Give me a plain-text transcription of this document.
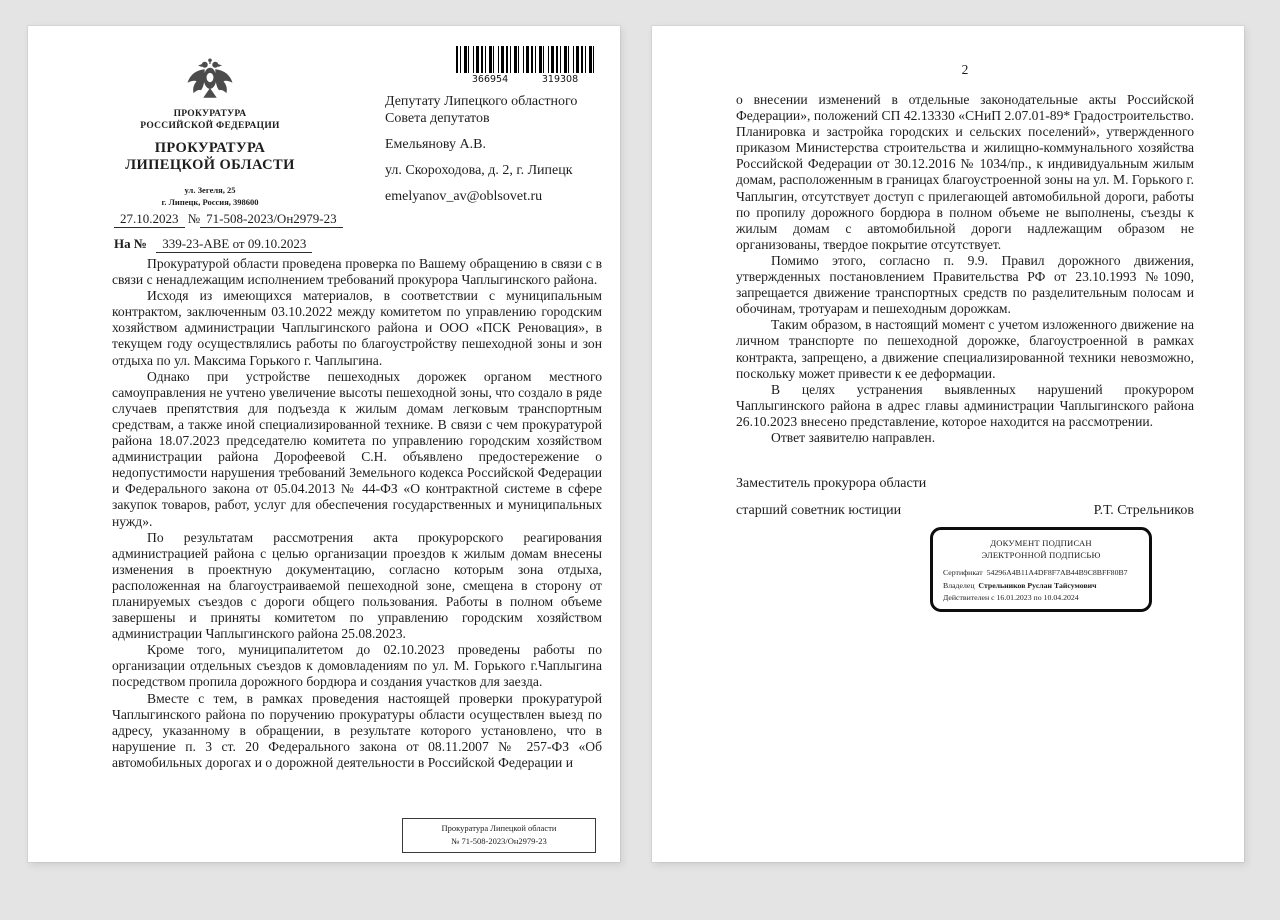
ПРОКУРАТУРА
РОССИЙСКОЙ ФЕДЕРАЦИИ
ПРОКУРАТУРА
ЛИПЕЦКОЙ ОБЛАСТИ
ул. Зегеля, 25
г. Липецк, Россия, 398600
366954	319308
Депутату Липецкого областного Совета депутатов
Емельянову А.В.
ул. Скороходова, д. 2, г. Липецк
emelyanov_av@oblsovet.ru
27.10.2023 № 71-508-2023/Он2979-23
На № 339-23-АВЕ от 09.10.2023

Прокуратурой области проведена проверка по Вашему обращению в связи с в связи с ненадлежащим исполнением требований прокурора Чаплыгинского района.

Исходя из имеющихся материалов, в соответствии с муниципальным контрактом, заключенным 03.10.2022 между комитетом по управлению городским хозяйством администрации Чаплыгинского района и ООО «ПСК Реновация», в текущем году осуществлялись работы по благоустройству пешеходной зоны и зон отдыха по ул. Максима Горького г. Чаплыгина.

Однако при устройстве пешеходных дорожек органом местного самоуправления не учтено увеличение высоты пешеходной зоны, что создало в ряде случаев препятствия для подъезда к жилым домам легковым транспортным средствам, а также иной специализированной технике. В связи с чем прокуратурой района 18.07.2023 председателю комитета по управлению городским хозяйством администрации района Дорофеевой С.Н. объявлено предостережение о недопустимости нарушения требований Земельного кодекса Российской Федерации и Федерального закона от 05.04.2013 № 44-ФЗ «О контрактной системе в сфере закупок товаров, работ, услуг для обеспечения государственных и муниципальных нужд».

По результатам рассмотрения акта прокурорского реагирования администрацией района с целью организации проездов к жилым домам внесены изменения в проектную документацию, согласно которым зона отдыха, расположенная на благоустраиваемой пешеходной зоне, смещена в сторону от планируемых съездов с дороги общего пользования. Работы в полном объеме завершены и приняты комитетом по управлению городским хозяйством администрации Чаплыгинского района 25.08.2023.

Кроме того, муниципалитетом до 02.10.2023 проведены работы по организации отдельных съездов к домовладениям по ул. М. Горького г.Чаплыгина посредством пропила дорожного бордюра и создания участков для заезда.

Вместе с тем, в рамках проведения настоящей проверки прокуратурой Чаплыгинского района по поручению прокуратуры области осуществлен выезд по адресу, указанному в обращении, в результате которого установлено, что в нарушение п. 3 ст. 20 Федерального закона от 08.11.2007 № 257-ФЗ «Об автомобильных дорогах и о дорожной деятельности в Российской Федерации и

Прокуратура Липецкой области
№ 71-508-2023/Он2979-23
2

о внесении изменений в отдельные законодательные акты Российской Федерации», положений СП 42.13330 «СНиП 2.07.01-89* Градостроительство. Планировка и застройка городских и сельских поселений», утвержденного приказом Министерства строительства и жилищно-коммунального хозяйства Российской Федерации от 30.12.2016 № 1034/пр., к индивидуальным жилым домам, расположенным в границах благоустроенной зоны на ул. М. Горького г. Чаплыгин, отсутствует доступ с прилегающей автомобильной дороги, работы по пропилу дорожного бордюра в полном объеме не выполнены, съезды к жилым домам с автомобильной дороги надлежащим образом не организованы, твердое покрытие отсутствует.

Помимо этого, согласно п. 9.9. Правил дорожного движения, утвержденных постановлением Правительства РФ от 23.10.1993 №1090, запрещается движение транспортных средств по разделительным полосам и обочинам, тротуарам и пешеходным дорожкам.

Таким образом, в настоящий момент с учетом изложенного движение на личном транспорте по пешеходной дорожке, благоустроенной в рамках контракта, запрещено, а движение специализированной техники невозможно, поскольку может привести к ее деформации.

В целях устранения выявленных нарушений прокурором Чаплыгинского района в адрес главы администрации Чаплыгинского района 26.10.2023 внесено представление, которое находится на рассмотрении.

Ответ заявителю направлен.

Заместитель прокурора области
старший советник юстиции	Р.Т. Стрельников
ДОКУМЕНТ ПОДПИСАН
ЭЛЕКТРОННОЙ ПОДПИСЬЮ
Сертификат 54296A4B11A4DF8F7AB44B9C8BFF80B7
Владелец Стрельников Руслан Тайсумович
Действителен с 16.01.2023 по 10.04.2024
